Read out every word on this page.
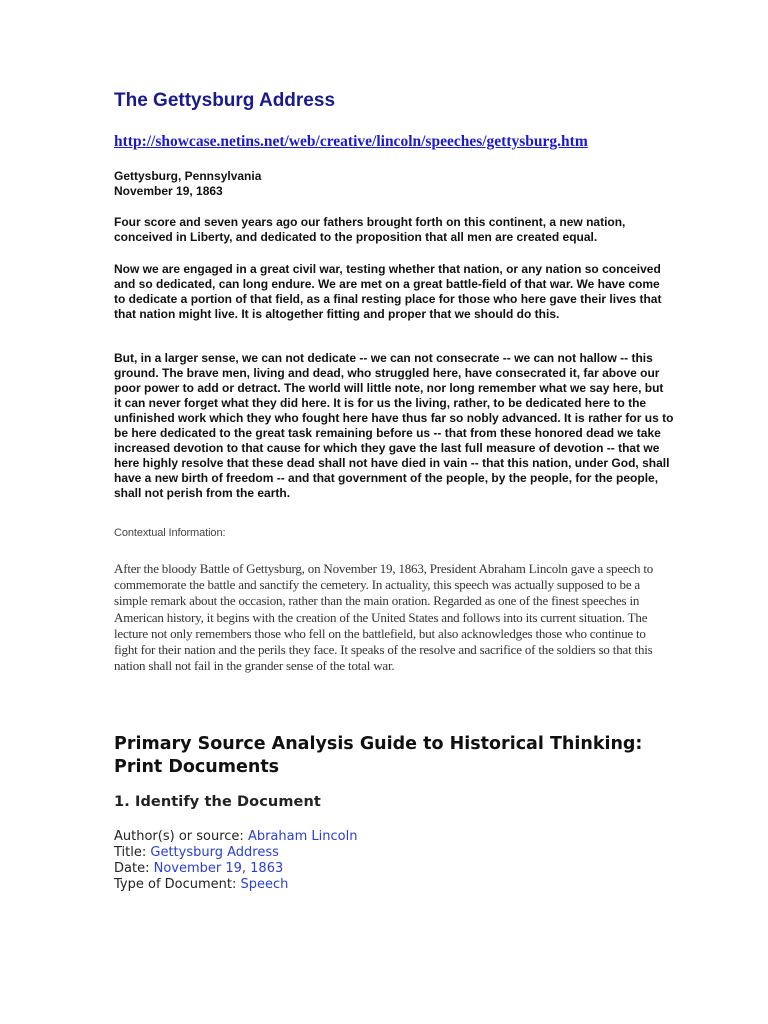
The Gettysburg Address
http://showcase.netins.net/web/creative/lincoln/speeches/gettysburg.htm
Gettysburg, Pennsylvania
November 19, 1863

Four score and seven years ago our fathers brought forth on this continent, a new nation, conceived in Liberty, and dedicated to the proposition that all men are created equal.

Now we are engaged in a great civil war, testing whether that nation, or any nation so conceived and so dedicated, can long endure. We are met on a great battle-field of that war. We have come to dedicate a portion of that field, as a final resting place for those who here gave their lives that that nation might live. It is altogether fitting and proper that we should do this.

But, in a larger sense, we can not dedicate -- we can not consecrate -- we can not hallow -- this ground. The brave men, living and dead, who struggled here, have consecrated it, far above our poor power to add or detract. The world will little note, nor long remember what we say here, but it can never forget what they did here. It is for us the living, rather, to be dedicated here to the unfinished work which they who fought here have thus far so nobly advanced. It is rather for us to be here dedicated to the great task remaining before us -- that from these honored dead we take increased devotion to that cause for which they gave the last full measure of devotion -- that we here highly resolve that these dead shall not have died in vain -- that this nation, under God, shall have a new birth of freedom -- and that government of the people, by the people, for the people, shall not perish from the earth.

Contextual Information:

After the bloody Battle of Gettysburg, on November 19, 1863, President Abraham Lincoln gave a speech to commemorate the battle and sanctify the cemetery. In actuality, this speech was actually supposed to be a simple remark about the occasion, rather than the main oration. Regarded as one of the finest speeches in American history, it begins with the creation of the United States and follows into its current situation. The lecture not only remembers those who fell on the battlefield, but also acknowledges those who continue to fight for their nation and the perils they face. It speaks of the resolve and sacrifice of the soldiers so that this nation shall not fail in the grander sense of the total war.

Primary Source Analysis Guide to Historical Thinking: Print Documents
1. Identify the Document

Author(s) or source: Abraham Lincoln

Title: Gettysburg Address

Date: November 19, 1863

Type of Document: Speech
